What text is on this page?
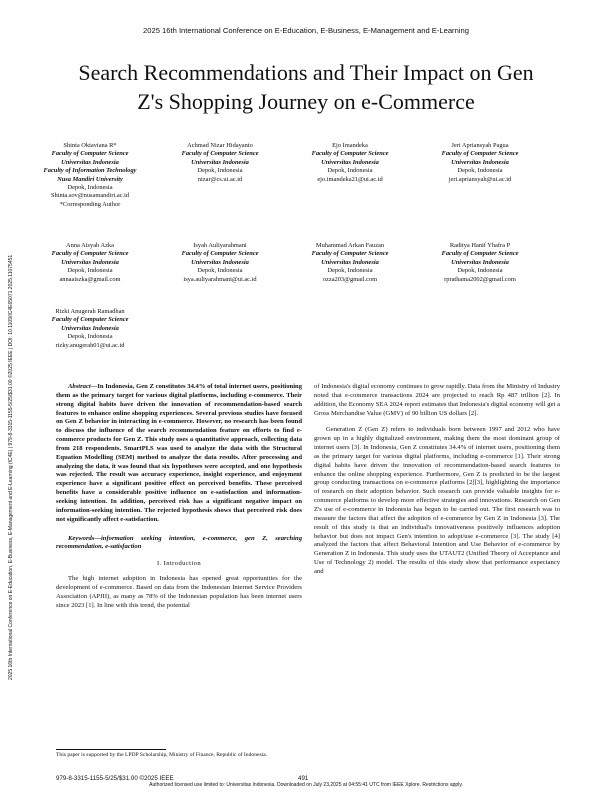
2025 16th International Conference on E-Education, E-Business, E-Management and E-Learning
Search Recommendations and Their Impact on Gen
Z's Shopping Journey on e-Commerce
2025 16th International Conference on E-Education, E-Business, E-Management and E-Learning (IC4E) | 979-8-3315-1155-5/25/$31.00 ©2025 IEEE | DOI: 10.1109/IC4E65071.2025.11075451
Shinta Oktaviana R*
Faculty of Computer Science
Universitas Indonesia
Faculty of Information Technology
Nusa Mandiri University
Depok, Indonesia
Shinta.sov@nusamandiri.ac.id
*Corresponding Author
Achmad Nizar Hidayanto
Faculty of Computer Science
Universitas Indonesia
Depok, Indonesia
nizar@cs.ui.ac.id
Ejo Imandeka
Faculty of Computer Science
Universitas Indonesia
Depok, Indonesia
ejo.imandeka21@ui.ac.id
Jeri Apriansyah Pagua
Faculty of Computer Science
Universitas Indonesia
Depok, Indonesia
jeri.apriansyah@ui.ac.id
Anna Aisyah Azka
Faculty of Computer Science
Universitas Indonesia
Depok, Indonesia
annaaiszka@gmail.com
Isyah Auliyarahmani
Faculty of Computer Science
Universitas Indonesia
Depok, Indonesia
isya.auliyarahmani@ui.ac.id
Muhammad Arkan Fauzan
Faculty of Computer Science
Universitas Indonesia
Depok, Indonesia
ozza203@gmail.com
Raditya Hanif Yhafra P
Faculty of Computer Science
Universitas Indonesia
Depok, Indonesia
rprathama2002@gmail.com
Rizki Anugerah Ramadhan
Faculty of Computer Science
Universitas Indonesia
Depok, Indonesia
rizky.anugerah01@ui.ac.id

Abstract—In Indonesia, Gen Z constitutes 34.4% of total internet users, positioning them as the primary target for various digital platforms, including e-commerce. Their strong digital habits have driven the innovation of recommendation-based search features to enhance online shopping experiences. Several previous studies have focused on Gen Z behavior in interacting in e-commerce. However, no research has been found to discuss the influence of the search recommendation feature on efforts to find e-commerce products for Gen Z. This study uses a quantitative approach, collecting data from 218 respondents. SmartPLS was used to analyze the data with the Structural Equation Modelling (SEM) method to analyze the data results. After processing and analyzing the data, it was found that six hypotheses were accepted, and one hypothesis was rejected. The result was accuracy experience, insight experience, and enjoyment experience have a significant positive effect on perceived benefits. These perceived benefits have a considerable positive influence on e-satisfaction and information-seeking intention. In addition, perceived risk has a significant negative impact on information-seeking intention. The rejected hypothesis shows that perceived risk does not significantly affect e-satisfaction.

Keywords—information seeking intention, e-commerce, gen Z, searching recommendation, e-satisfaction

I. Introduction

The high internet adoption in Indonesia has opened great opportunities for the development of e-commerce. Based on data from the Indonesian Internet Service Providers Association (APJII), as many as 78% of the Indonesian population has been internet users since 2023 [1]. In line with this trend, the potential

of Indonesia's digital economy continues to grow rapidly. Data from the Ministry of Industry noted that e-commerce transactions 2024 are projected to reach Rp 487 trillion [2]. In addition, the Economy SEA 2024 report estimates that Indonesia's digital economy will get a Gross Merchandise Value (GMV) of 90 billion US dollars [2].

Generation Z (Gen Z) refers to individuals born between 1997 and 2012 who have grown up in a highly digitalized environment, making them the most dominant group of internet users [3]. In Indonesia, Gen Z constitutes 34.4% of internet users, positioning them as the primary target for various digital platforms, including e-commerce [1]. Their strong digital habits have driven the innovation of recommendation-based search features to enhance the online shopping experience. Furthermore, Gen Z is predicted to be the largest group conducting transactions on e-commerce platforms [2][3], highlighting the importance of research on their adoption behavior. Such research can provide valuable insights for e-commerce platforms to develop more effective strategies and innovations. Research on Gen Z's use of e-commerce in Indonesia has begun to be carried out. The first research was to measure the factors that affect the adoption of e-commerce by Gen Z in Indonesia [3]. The result of this study is that an individual's innovativeness positively influences adoption behavior but does not impact Gen's intention to adopt/use e-commerce [3]. The study [4] analyzed the factors that affect Behavioral Intention and Use Behavior of e-commerce by Generation Z in Indonesia. This study uses the UTAUT2 (Unified Theory of Acceptance and Use of Technology 2) model. The results of this study show that performance expectancy and

This paper is supported by the LPDP Scholarship, Ministry of Finance, Republic of Indonesia.
979-8-3315-1155-5/25/$31.00 ©2025 IEEE	491
Authorized licensed use limited to: Universitas Indonesia. Downloaded on July 23,2025 at 04:55:41 UTC from IEEE Xplore. Restrictions apply.
